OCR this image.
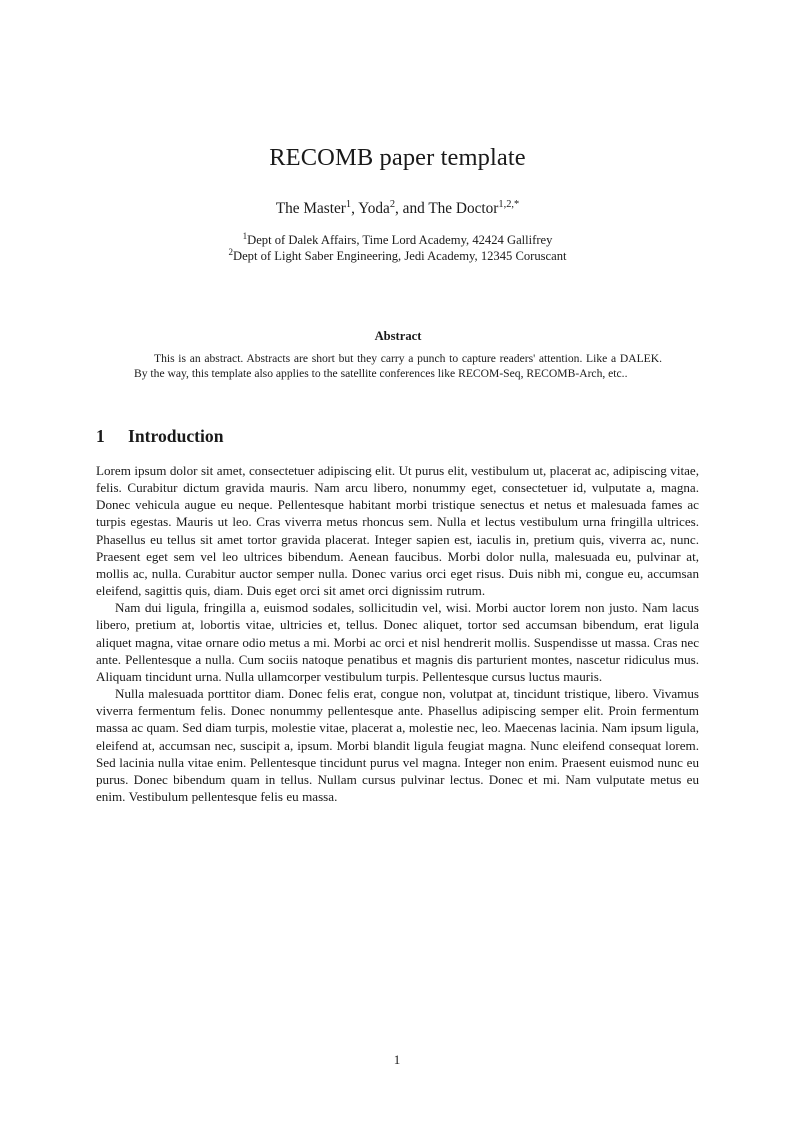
RECOMB paper template

The Master$^1$, Yoda$^2$, and The Doctor$^{1,2,*}$

$^1$Dept of Dalek Affairs, Time Lord Academy, 42424 Gallifrey
$^2$Dept of Light Saber Engineering, Jedi Academy, 12345 Coruscant

Abstract

This is an abstract. Abstracts are short but they carry a punch to capture readers' attention. Like a DALEK. By the way, this template also applies to the satellite conferences like RECOM-Seq, RECOMB-Arch, etc..

1 Introduction

Lorem ipsum dolor sit amet, consectetuer adipiscing elit. Ut purus elit, vestibulum ut, placerat ac, adipiscing vitae, felis. Curabitur dictum gravida mauris. Nam arcu libero, nonummy eget, consectetuer id, vulputate a, magna. Donec vehicula augue eu neque. Pellentesque habitant morbi tristique senectus et netus et malesuada fames ac turpis egestas. Mauris ut leo. Cras viverra metus rhoncus sem. Nulla et lectus vestibulum urna fringilla ultrices. Phasellus eu tellus sit amet tortor gravida placerat. Integer sapien est, iaculis in, pretium quis, viverra ac, nunc. Praesent eget sem vel leo ultrices bibendum. Aenean faucibus. Morbi dolor nulla, malesuada eu, pulvinar at, mollis ac, nulla. Curabitur auctor semper nulla. Donec varius orci eget risus. Duis nibh mi, congue eu, accumsan eleifend, sagittis quis, diam. Duis eget orci sit amet orci dignissim rutrum.

Nam dui ligula, fringilla a, euismod sodales, sollicitudin vel, wisi. Morbi auctor lorem non justo. Nam lacus libero, pretium at, lobortis vitae, ultricies et, tellus. Donec aliquet, tortor sed accumsan bibendum, erat ligula aliquet magna, vitae ornare odio metus a mi. Morbi ac orci et nisl hendrerit mollis. Suspendisse ut massa. Cras nec ante. Pellentesque a nulla. Cum sociis natoque penatibus et magnis dis parturient montes, nascetur ridiculus mus. Aliquam tincidunt urna. Nulla ullamcorper vestibulum turpis. Pellentesque cursus luctus mauris.

Nulla malesuada porttitor diam. Donec felis erat, congue non, volutpat at, tincidunt tristique, libero. Vivamus viverra fermentum felis. Donec nonummy pellentesque ante. Phasellus adipiscing semper elit. Proin fermentum massa ac quam. Sed diam turpis, molestie vitae, placerat a, molestie nec, leo. Maecenas lacinia. Nam ipsum ligula, eleifend at, accumsan nec, suscipit a, ipsum. Morbi blandit ligula feugiat magna. Nunc eleifend consequat lorem. Sed lacinia nulla vitae enim. Pellentesque tincidunt purus vel magna. Integer non enim. Praesent euismod nunc eu purus. Donec bibendum quam in tellus. Nullam cursus pulvinar lectus. Donec et mi. Nam vulputate metus eu enim. Vestibulum pellentesque felis eu massa.

1
